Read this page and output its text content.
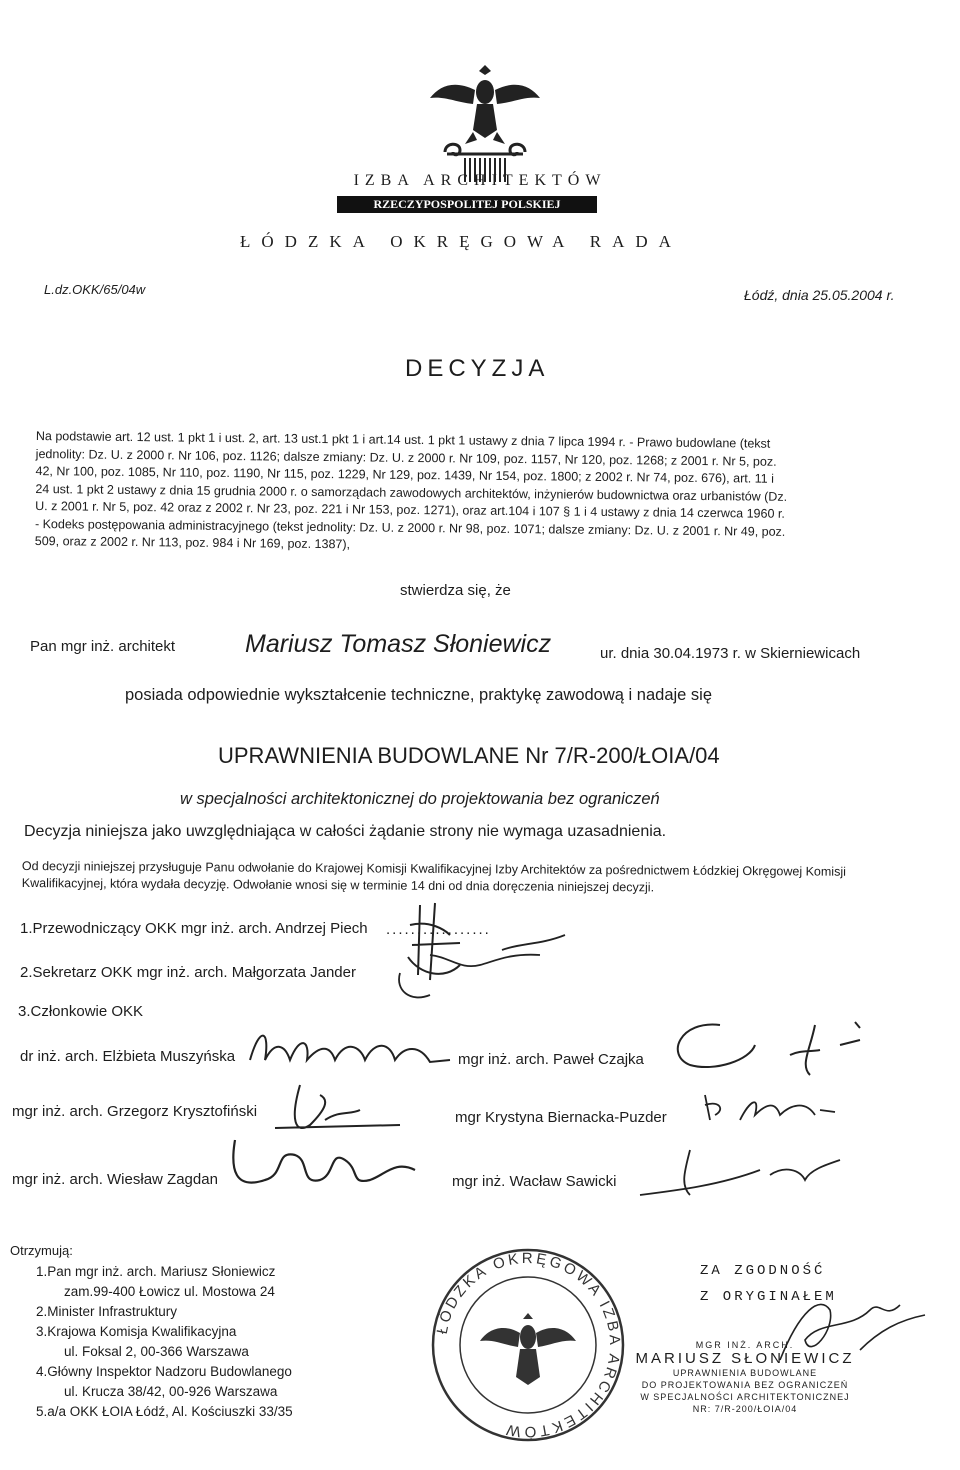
IZBA ARCHITEKTÓW
RZECZYPOSPOLITEJ POLSKIEJ
ŁÓDZKA OKRĘGOWA RADA
L.dz.OKK/65/04w	Łódź, dnia 25.05.2004 r.
DECYZJA
Na podstawie art. 12 ust. 1 pkt 1 i ust. 2, art. 13 ust.1 pkt 1 i art.14 ust. 1 pkt 1 ustawy z dnia 7 lipca 1994 r. - Prawo budowlane (tekst
jednolity: Dz. U. z 2000 r. Nr 106, poz. 1126; dalsze zmiany: Dz. U. z 2000 r. Nr 109, poz. 1157, Nr 120, poz. 1268; z 2001 r. Nr 5, poz.
42, Nr 100, poz. 1085, Nr 110, poz. 1190, Nr 115, poz. 1229, Nr 129, poz. 1439, Nr 154, poz. 1800; z 2002 r. Nr 74, poz. 676), art. 11 i
24 ust. 1 pkt 2 ustawy z dnia 15 grudnia 2000 r. o samorządach zawodowych architektów, inżynierów budownictwa oraz urbanistów (Dz.
U. z 2001 r. Nr 5, poz. 42 oraz z 2002 r. Nr 23, poz. 221 i Nr 153, poz. 1271), oraz art.104 i 107 § 1 i 4 ustawy z dnia 14 czerwca 1960 r.
- Kodeks postępowania administracyjnego (tekst jednolity: Dz. U. z 2000 r. Nr 98, poz. 1071; dalsze zmiany: Dz. U. z 2001 r. Nr 49, poz.
509, oraz z 2002 r. Nr 113, poz. 984 i Nr 169, poz. 1387),
stwierdza się, że
Pan mgr inż. architekt	Mariusz Tomasz Słoniewicz	ur. dnia 30.04.1973 r. w Skierniewicach
posiada odpowiednie wykształcenie techniczne, praktykę zawodową i nadaje się
UPRAWNIENIA BUDOWLANE Nr 7/R-200/ŁOIA/04
w specjalności architektonicznej do projektowania bez ograniczeń
Decyzja niniejsza jako uwzględniająca w całości żądanie strony nie wymaga uzasadnienia.
Od decyzji niniejszej przysługuje Panu odwołanie do Krajowej Komisji Kwalifikacyjnej Izby Architektów za pośrednictwem Łódzkiej Okręgowej Komisji
Kwalifikacyjnej, która wydała decyzję. Odwołanie wnosi się w terminie 14 dni od dnia doręczenia niniejszej decyzji.
1.Przewodniczący OKK mgr inż. arch. Andrzej Piech .................
2.Sekretarz OKK mgr inż. arch. Małgorzata Jander
3.Członkowie OKK
dr inż. arch. Elżbieta Muszyńska	mgr inż. arch. Paweł Czajka
mgr inż. arch. Grzegorz Krysztofiński	mgr Krystyna Biernacka-Puzder
mgr inż. arch. Wiesław Zagdan	mgr inż. Wacław Sawicki
Otrzymują:
1.Pan mgr inż. arch. Mariusz Słoniewicz
zam.99-400 Łowicz ul. Mostowa 24
2.Minister Infrastruktury
3.Krajowa Komisja Kwalifikacyjna
ul. Foksal 2, 00-366 Warszawa
4.Główny Inspektor Nadzoru Budowlanego
ul. Krucza 38/42, 00-926 Warszawa
5.a/a OKK ŁOIA Łódź, Al. Kościuszki 33/35
ŁÓDZKA OKRĘGOWA IZBA ARCHITEKTÓW
ZA ZGODNOŚĆ
Z ORYGINAŁEM
MGR INŻ. ARCH.
MARIUSZ SŁONIEWICZ
UPRAWNIENIA BUDOWLANE
DO PROJEKTOWANIA BEZ OGRANICZEŃ
W SPECJALNOŚCI ARCHITEKTONICZNEJ
NR: 7/R-200/ŁOIA/04
